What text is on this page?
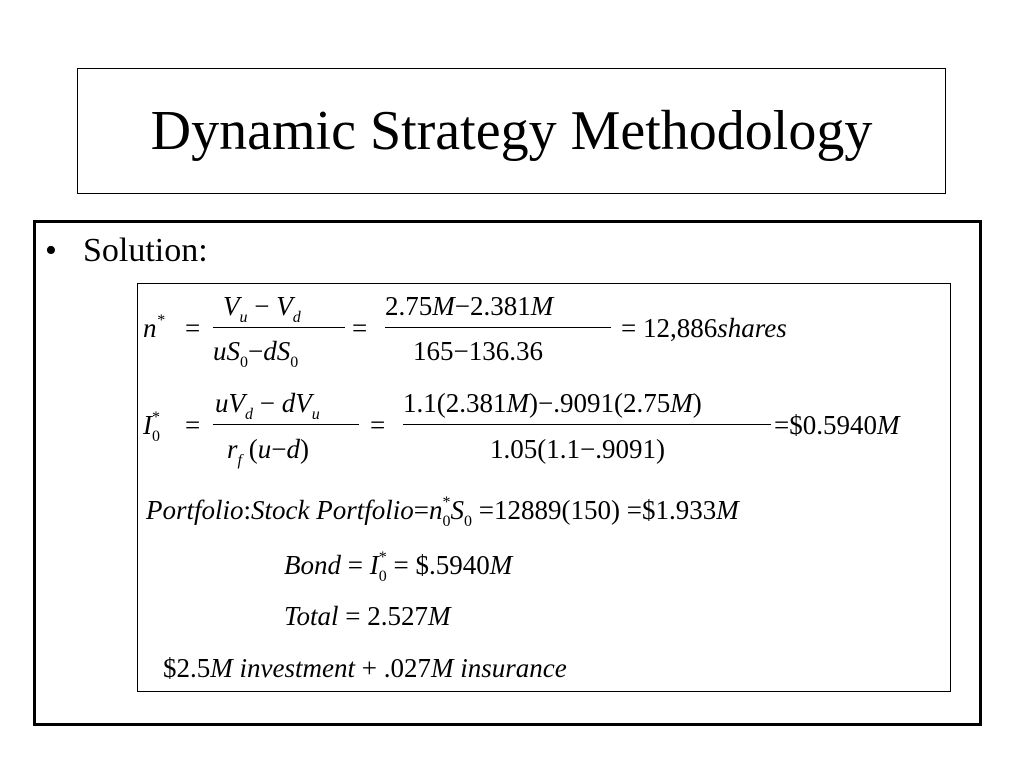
Dynamic Strategy Methodology
• Solution:
n* =
$V_u - V_d$
$uS_0-dS_0$
=
2.75M−2.381M
165−136.36
= 12,886shares
$I_0^*$ =
$uV_d - dV_u$
$r_f$ (u−d)
=
1.1(2.381M)−.9091(2.75M)
1.05(1.1−.9091)
=$0.5940M
Portfolio:Stock $Portfolio=n_0^*S_0 =12889(150)$ =$1.933M
Bond = $I_0^*$ = $.5940M
Total = 2.527M
$2.5M investment + .027M insurance
